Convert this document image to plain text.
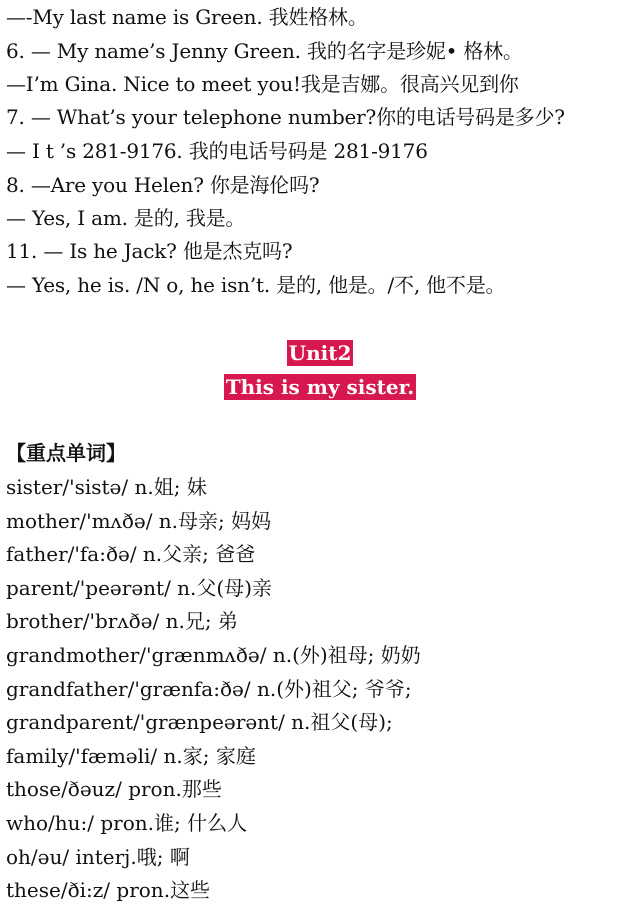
—-My last name is Green. 我姓格林。
6. — My name’s Jenny Green. 我的名字是珍妮• 格林。
—I’m Gina. Nice to meet you!我是吉娜。很高兴见到你
7. — What’s your telephone number?你的电话号码是多少?
— I t ’s 281-9176. 我的电话号码是 281-9176
8. —Are you Helen? 你是海伦吗?
— Yes, I am. 是的, 我是。
11. — Is he Jack? 他是杰克吗?
— Yes, he is. /N o, he isn’t. 是的, 他是。/不, 他不是。
Unit2
This is my sister.
【重点单词】
sister/'sistə/ n.姐; 妹
mother/'mʌðə/ n.母亲; 妈妈
father/'fa:ðə/ n.父亲; 爸爸
parent/'peərənt/ n.父(母)亲
brother/'brʌðə/ n.兄; 弟
grandmother/'grænmʌðə/ n.(外)祖母; 奶奶
grandfather/'grænfa:ðə/ n.(外)祖父; 爷爷;
grandparent/'grænpeərənt/ n.祖父(母);
family/'fæməli/ n.家; 家庭
those/ðəuz/ pron.那些
who/hu:/ pron.谁; 什么人
oh/əu/ interj.哦; 啊
these/ði:z/ pron.这些
